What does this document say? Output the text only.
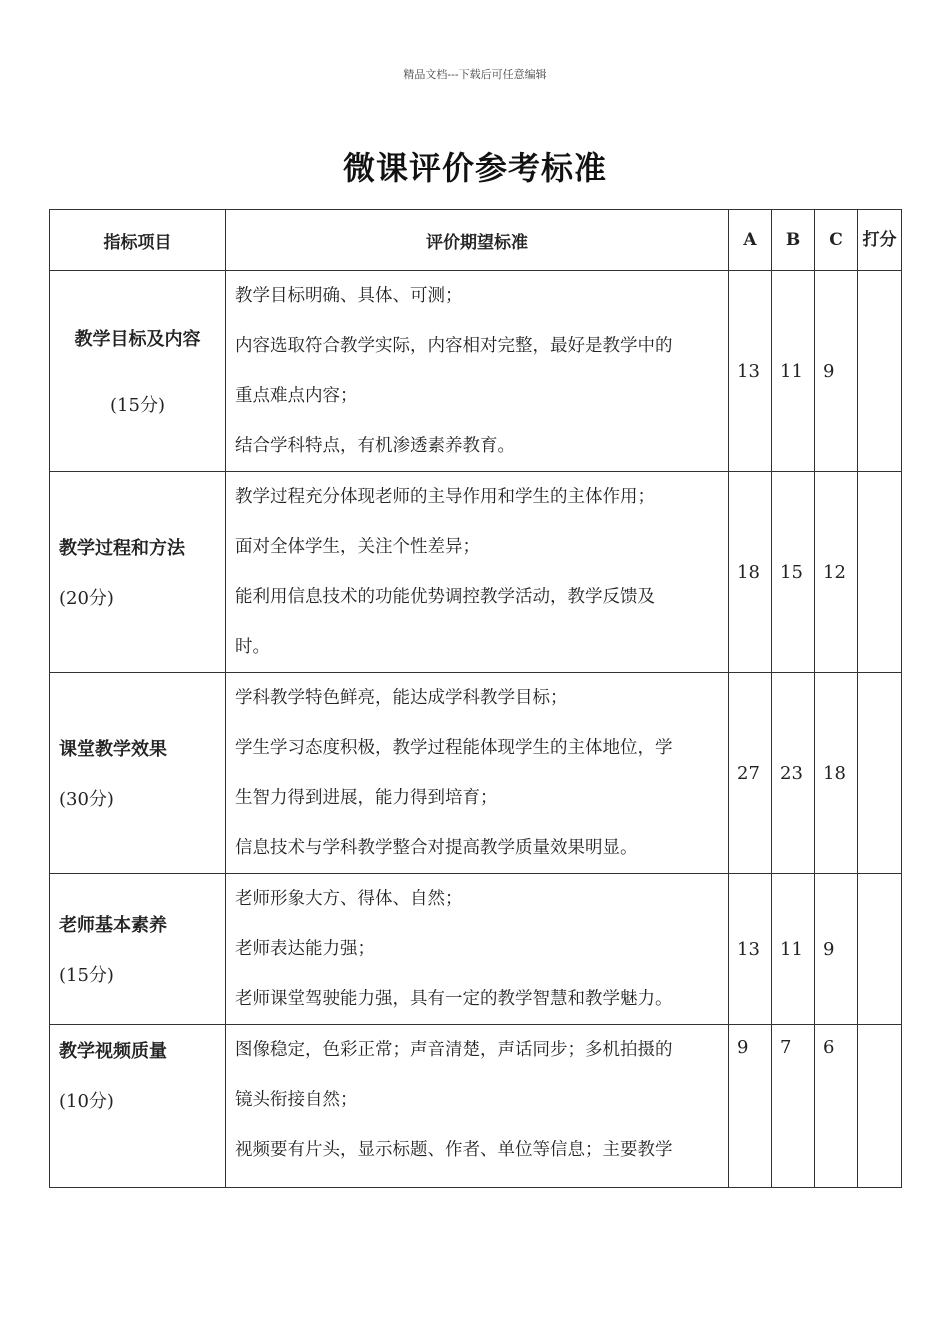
精品文档---下载后可任意编辑
微课评价参考标准
指标项目	评价期望标准	A	B	C	打分

教学目标及内容
(15分)	教学目标明确、具体、可测；
内容选取符合教学实际，内容相对完整，最好是教学中的
重点难点内容；
结合学科特点，有机渗透素养教育。	13	11	9	

教学过程和方法
(20分)	教学过程充分体现老师的主导作用和学生的主体作用；
面对全体学生，关注个性差异；
能利用信息技术的功能优势调控教学活动，教学反馈及
时。	18	15	12	

课堂教学效果
(30分)	学科教学特色鲜亮，能达成学科教学目标；
学生学习态度积极，教学过程能体现学生的主体地位，学
生智力得到进展，能力得到培育；
信息技术与学科教学整合对提高教学质量效果明显。	27	23	18	

老师基本素养
(15分)	老师形象大方、得体、自然；
老师表达能力强；
老师课堂驾驶能力强，具有一定的教学智慧和教学魅力。	13	11	9	

教学视频质量
(10分)	图像稳定，色彩正常；声音清楚，声话同步；多机拍摄的
镜头衔接自然；
视频要有片头，显示标题、作者、单位等信息；主要教学	9	7	6	
